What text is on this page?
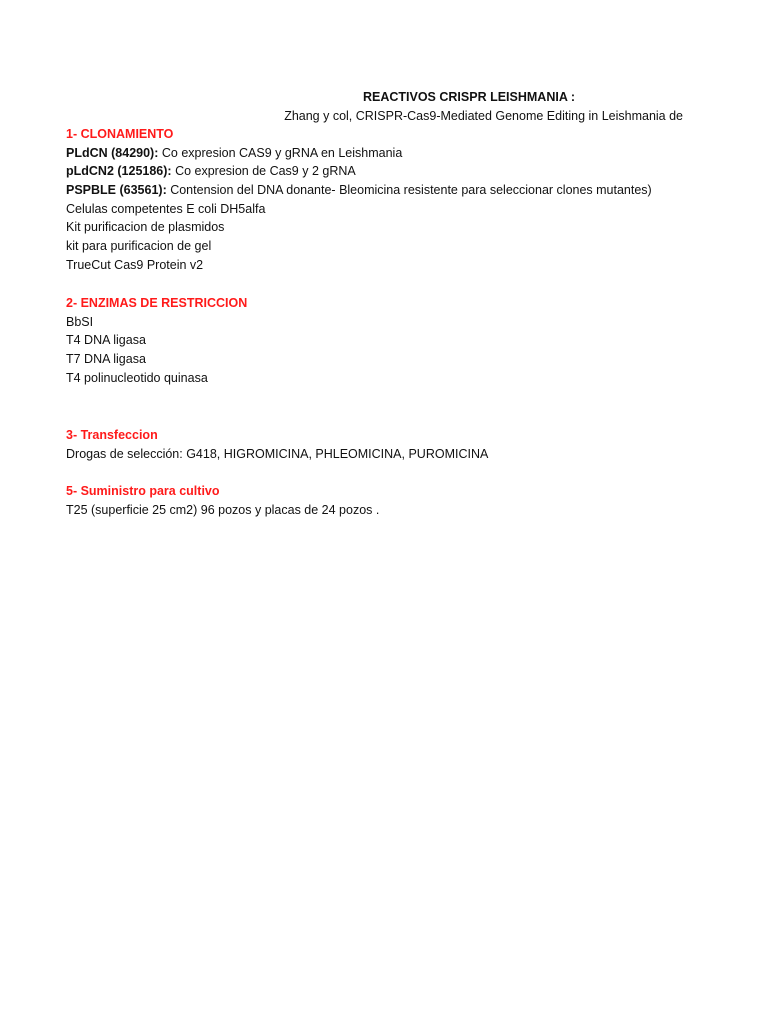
REACTIVOS CRISPR LEISHMANIA :
Zhang y col, CRISPR-Cas9-Mediated Genome Editing in Leishmania de
1- CLONAMIENTO
PLdCN (84290): Co expresion CAS9 y gRNA en Leishmania
pLdCN2 (125186): Co expresion de Cas9 y 2 gRNA
PSPBLE (63561): Contension del DNA donante- Bleomicina resistente para seleccionar clones mutantes)
Celulas competentes E coli DH5alfa
Kit purificacion de plasmidos
kit para purificacion de gel
TrueCut Cas9 Protein v2
2- ENZIMAS DE RESTRICCION
BbSI
T4 DNA ligasa
T7 DNA ligasa
T4 polinucleotido quinasa
3- Transfeccion
Drogas de selección: G418, HIGROMICINA, PHLEOMICINA, PUROMICINA
5- Suministro para cultivo
T25 (superficie 25 cm2) 96 pozos y placas de 24 pozos .
